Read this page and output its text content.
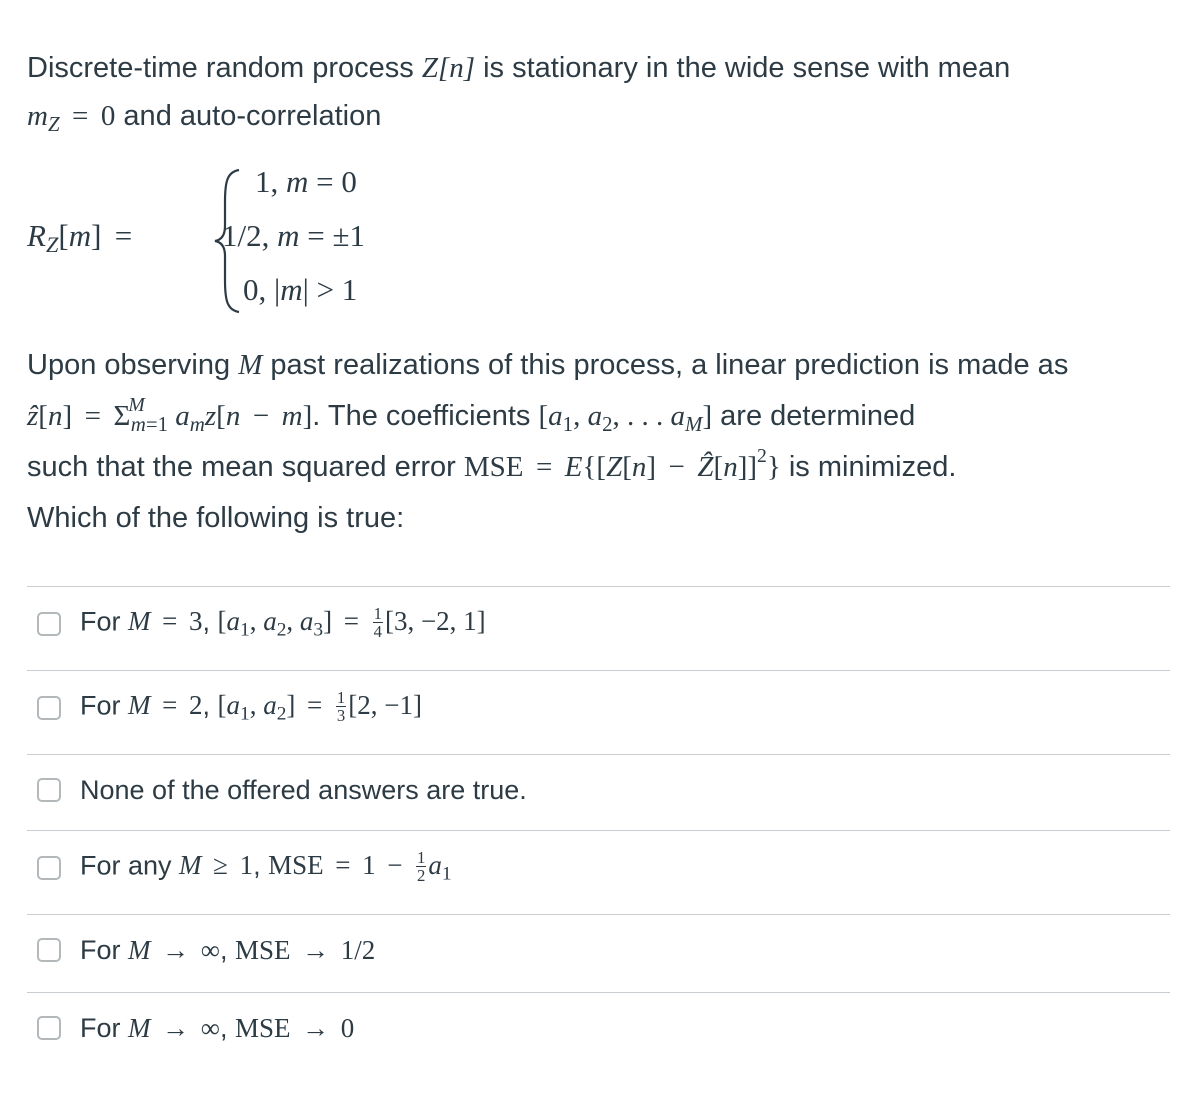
Discrete-time random process Z[n] is stationary in the wide sense with mean

$m_Z = 0$ and auto-correlation

$R_Z[m]$ =
1, m = 0
1/2, m = ±1
0, |m| > 1

Upon observing M past realizations of this process, a linear prediction is made as

ẑ[n] = $\Sigma^M_{m=1}$ $a_mz[n - m]$. The coefficients [$a_1$, $a_2$, . . . $a_M$] are determined

such that the mean squared error MSE = E{[Z[n] − Ẑ[n]]$^2$} is minimized.

Which of the following is true:

For M = 3, [$a_1$, $a_2$, $a_3] = \frac{1}{4} [3$, −2, 1]
For M = 2, [$a_1$, $a_2] = \frac{1}{3} [2$, −1]
None of the offered answers are true.
For any M ≥ 1, MSE = $1 - \frac{1}{2} a_1$
For M → ∞, MSE → 1/2
For M → ∞, MSE → 0
